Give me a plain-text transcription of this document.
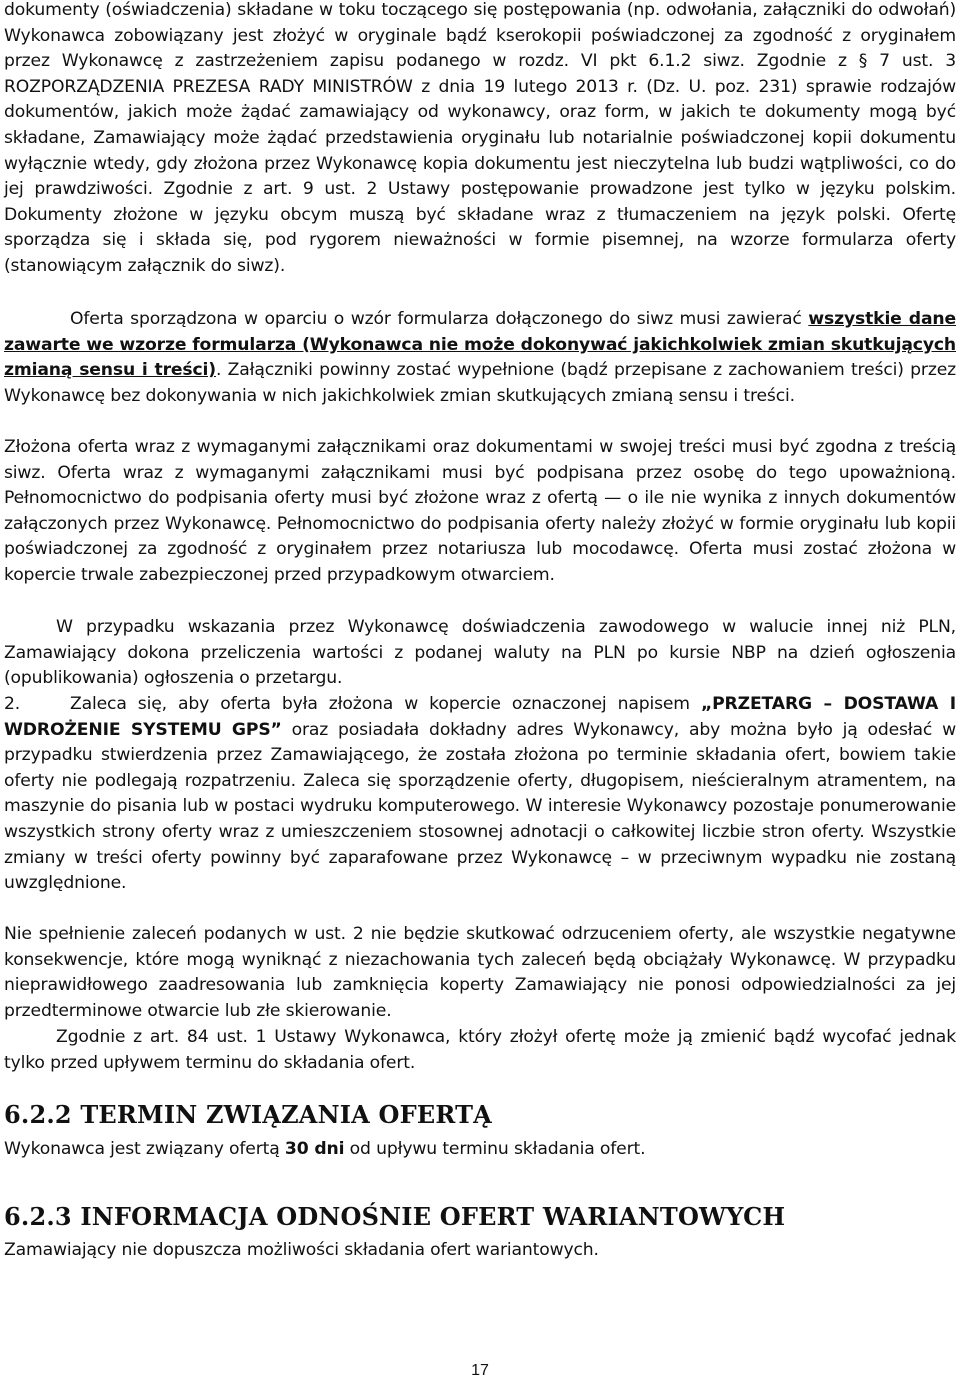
dokumenty (oświadczenia) składane w toku toczącego się postępowania (np. odwołania, załączniki do odwołań) Wykonawca zobowiązany jest złożyć w oryginale bądź kserokopii poświadczonej za zgodność z oryginałem przez Wykonawcę z zastrzeżeniem zapisu podanego w rozdz. VI pkt 6.1.2 siwz. Zgodnie z § 7 ust. 3 ROZPORZĄDZENIA PREZESA RADY MINISTRÓW z dnia 19 lutego 2013 r. (Dz. U. poz. 231) sprawie rodzajów dokumentów, jakich może żądać zamawiający od wykonawcy, oraz form, w jakich te dokumenty mogą być składane, Zamawiający może żądać przedstawienia oryginału lub notarialnie poświadczonej kopii dokumentu wyłącznie wtedy, gdy złożona przez Wykonawcę kopia dokumentu jest nieczytelna lub budzi wątpliwości, co do jej prawdziwości. Zgodnie z art. 9 ust. 2 Ustawy postępowanie prowadzone jest tylko w języku polskim. Dokumenty złożone w języku obcym muszą być składane wraz z tłumaczeniem na język polski. Ofertę sporządza się i składa się, pod rygorem nieważności w formie pisemnej, na wzorze formularza oferty (stanowiącym załącznik do siwz).

Oferta sporządzona w oparciu o wzór formularza dołączonego do siwz musi zawierać wszystkie dane zawarte we wzorze formularza (Wykonawca nie może dokonywać jakichkolwiek zmian skutkujących zmianą sensu i treści). Załączniki powinny zostać wypełnione (bądź przepisane z zachowaniem treści) przez Wykonawcę bez dokonywania w nich jakichkolwiek zmian skutkujących zmianą sensu i treści.

Złożona oferta wraz z wymaganymi załącznikami oraz dokumentami w swojej treści musi być zgodna z treścią siwz. Oferta wraz z wymaganymi załącznikami musi być podpisana przez osobę do tego upoważnioną. Pełnomocnictwo do podpisania oferty musi być złożone wraz z ofertą — o ile nie wynika z innych dokumentów załączonych przez Wykonawcę. Pełnomocnictwo do podpisania oferty należy złożyć w formie oryginału lub kopii poświadczonej za zgodność z oryginałem przez notariusza lub mocodawcę. Oferta musi zostać złożona w kopercie trwale zabezpieczonej przed przypadkowym otwarciem.

W przypadku wskazania przez Wykonawcę doświadczenia zawodowego w walucie innej niż PLN, Zamawiający dokona przeliczenia wartości z podanej waluty na PLN po kursie NBP na dzień ogłoszenia (opublikowania) ogłoszenia o przetargu.

2.	Zaleca się, aby oferta była złożona w kopercie oznaczonej napisem „PRZETARG – DOSTAWA I WDROŻENIE SYSTEMU GPS” oraz posiadała dokładny adres Wykonawcy, aby można było ją odesłać w przypadku stwierdzenia przez Zamawiającego, że została złożona po terminie składania ofert, bowiem takie oferty nie podlegają rozpatrzeniu. Zaleca się sporządzenie oferty, długopisem, nieścieralnym atramentem, na maszynie do pisania lub w postaci wydruku komputerowego. W interesie Wykonawcy pozostaje ponumerowanie wszystkich strony oferty wraz z umieszczeniem stosownej adnotacji o całkowitej liczbie stron oferty. Wszystkie zmiany w treści oferty powinny być zaparafowane przez Wykonawcę – w przeciwnym wypadku nie zostaną uwzględnione.

Nie spełnienie zaleceń podanych w ust. 2 nie będzie skutkować odrzuceniem oferty, ale wszystkie negatywne konsekwencje, które mogą wyniknąć z niezachowania tych zaleceń będą obciążały Wykonawcę. W przypadku nieprawidłowego zaadresowania lub zamknięcia koperty Zamawiający nie ponosi odpowiedzialności za jej przedterminowe otwarcie lub złe skierowanie.

Zgodnie z art. 84 ust. 1 Ustawy Wykonawca, który złożył ofertę może ją zmienić bądź wycofać jednak tylko przed upływem terminu do składania ofert.

6.2.2 TERMIN ZWIĄZANIA OFERTĄ

Wykonawca jest związany ofertą 30 dni od upływu terminu składania ofert.

6.2.3 INFORMACJA ODNOŚNIE OFERT WARIANTOWYCH

Zamawiający nie dopuszcza możliwości składania ofert wariantowych.

17
